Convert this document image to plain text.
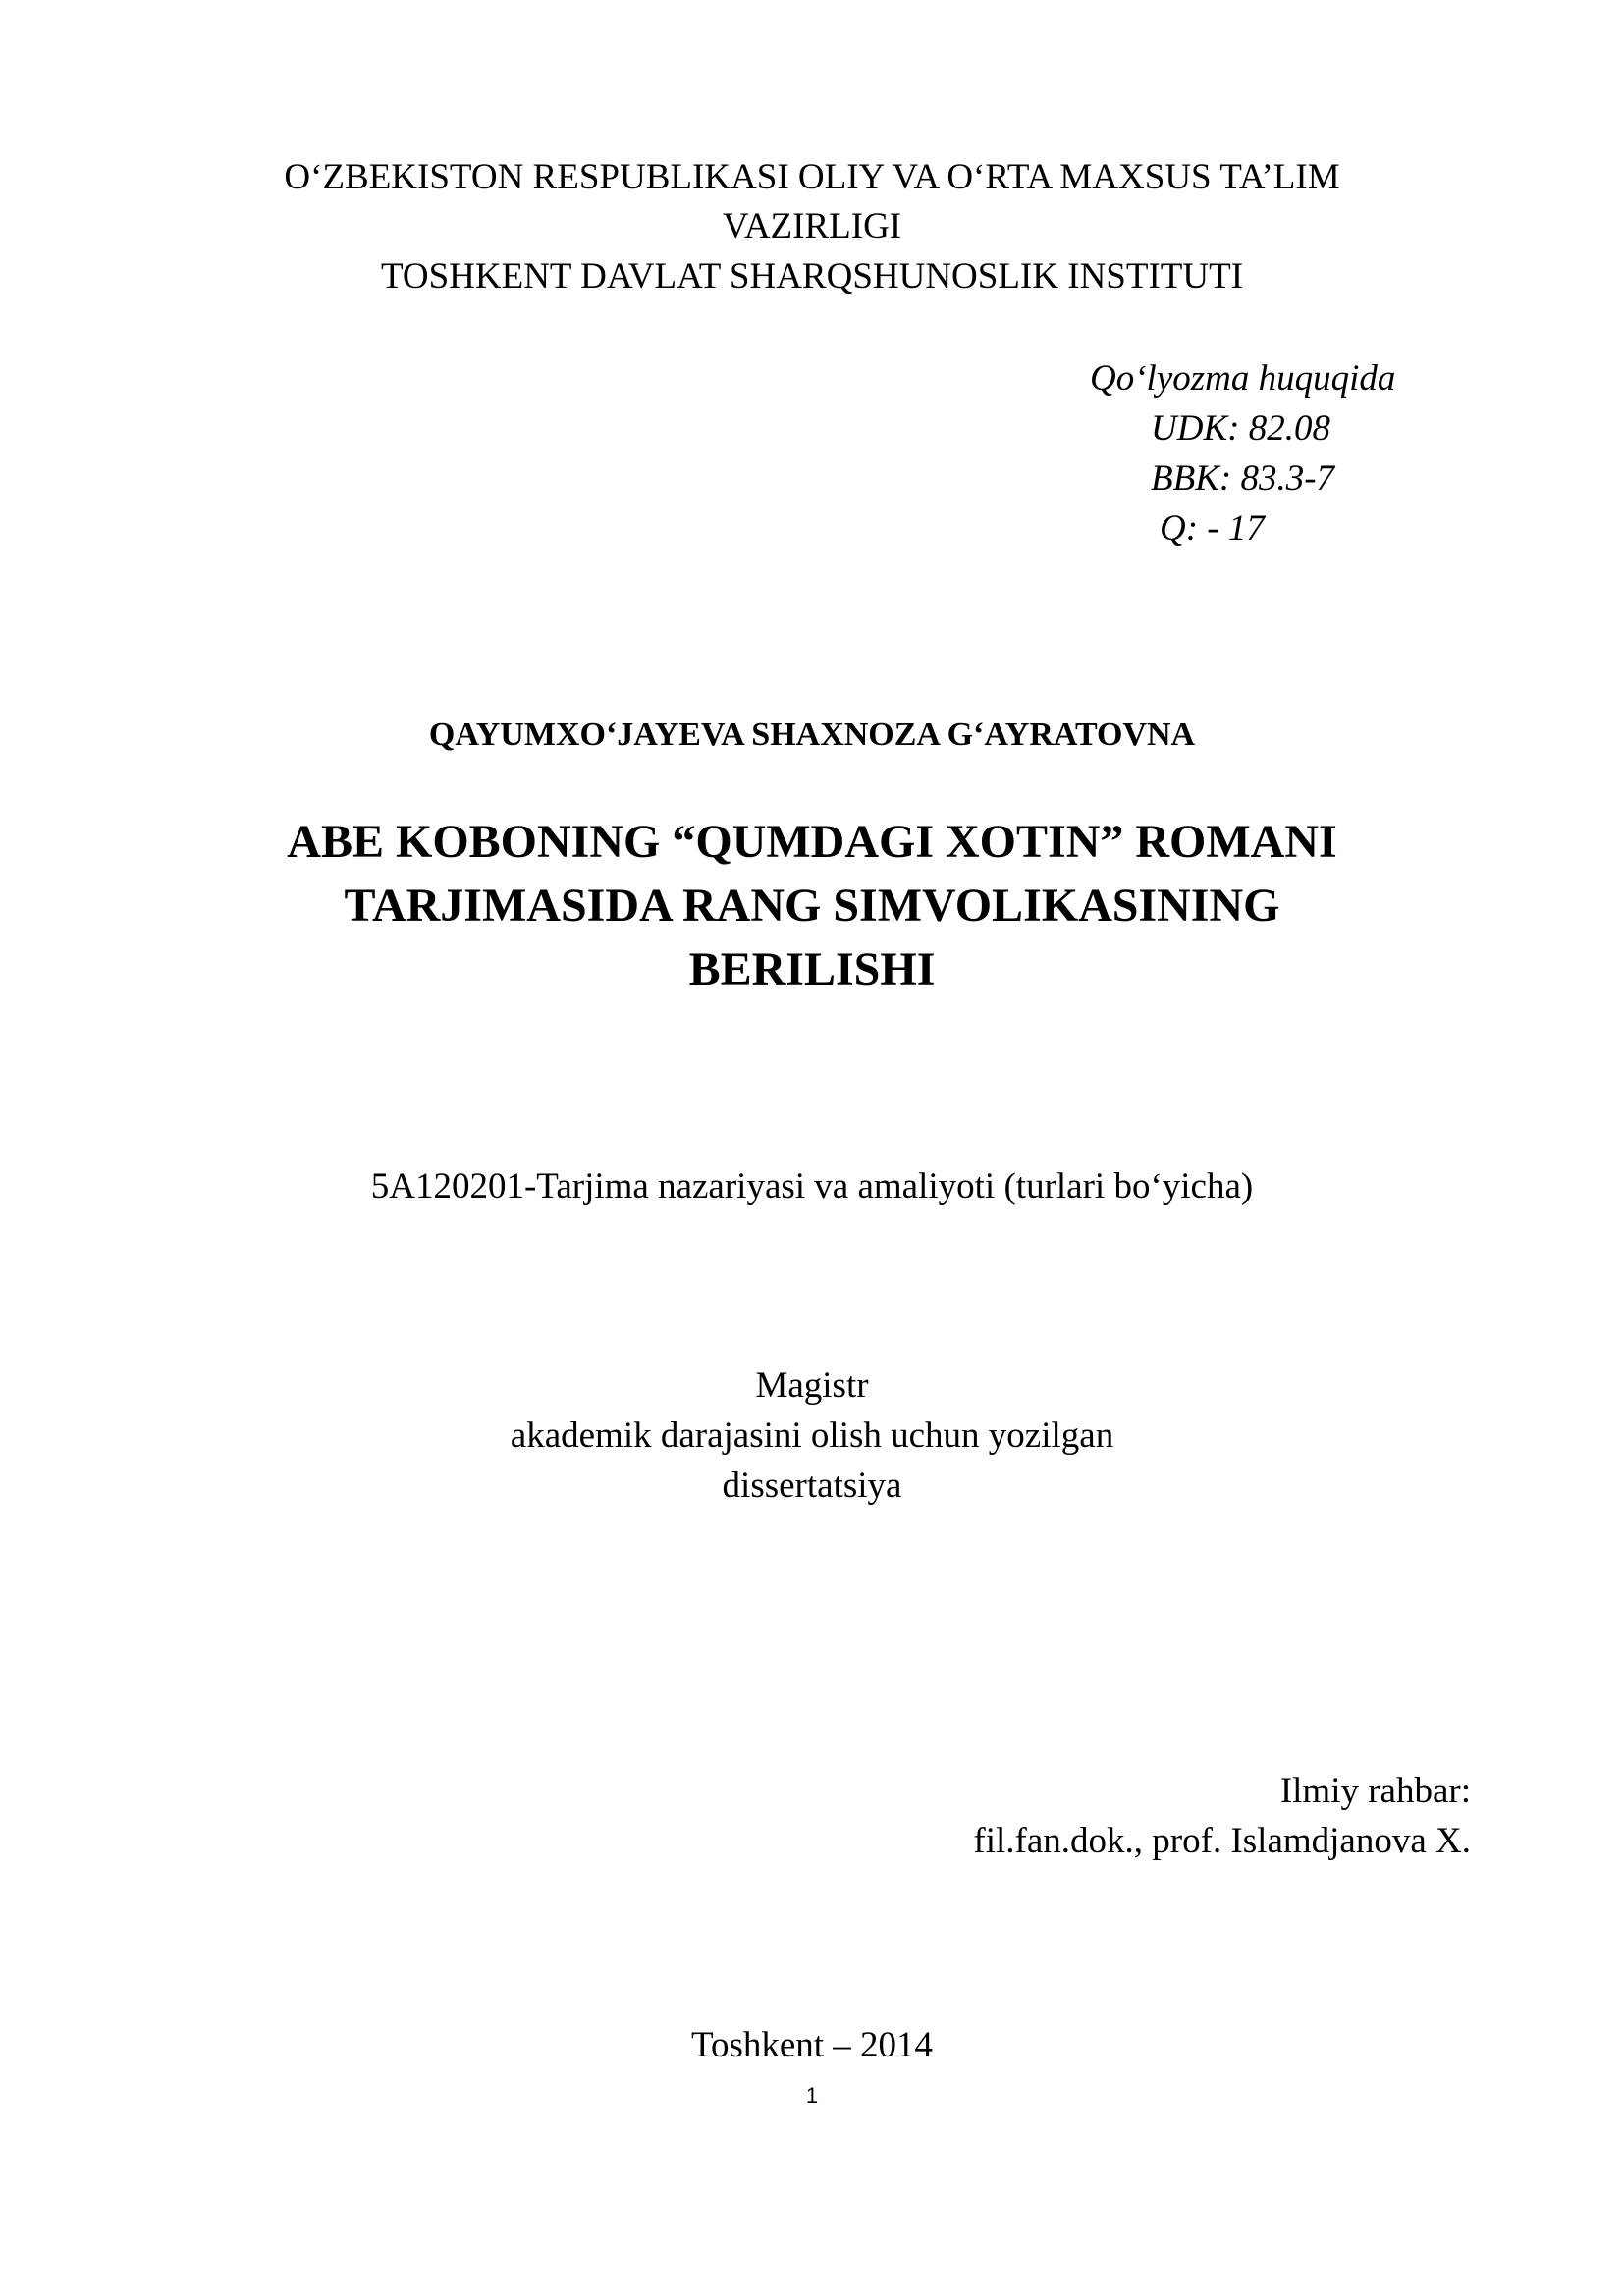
O‘ZBEKISTON RESPUBLIKASI OLIY VA O‘RTA MAXSUS TA’LIM
VAZIRLIGI
TOSHKENT DAVLAT SHARQSHUNOSLIK INSTITUTI
Qo‘lyozma huquqida
UDK: 82.08
BBK: 83.3-7
Q: - 17
QAYUMXO‘JAYEVA SHAXNOZA G‘AYRATOVNA
ABE KOBONING “QUMDAGI XOTIN” ROMANI
TARJIMASIDA RANG SIMVOLIKASINING
BERILISHI
5A120201-Tarjima nazariyasi va amaliyoti (turlari bo‘yicha)
Magistr
akademik darajasini olish uchun yozilgan
dissertatsiya
Ilmiy rahbar:
fil.fan.dok., prof. Islamdjanova X.
Toshkent – 2014
1
